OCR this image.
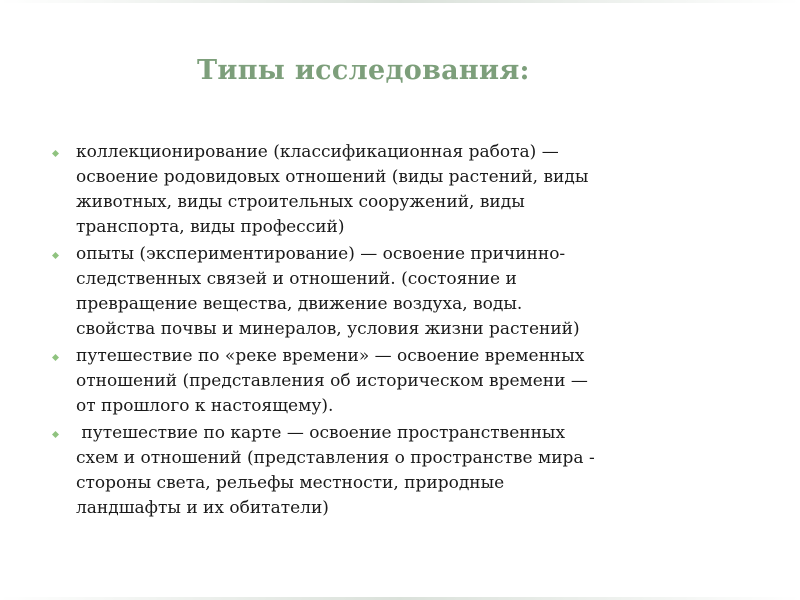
Типы исследования:
коллекционирование (классификационная работа) —
освоение родовидовых отношений (виды растений, виды
животных, виды строительных сооружений, виды
транспорта, виды профессий)
опыты (экспериментирование) — освоение причинно-
следственных связей и отношений. (состояние и
превращение вещества, движение воздуха, воды.
свойства почвы и минералов, условия жизни растений)
путешествие по «реке времени» — освоение временных
отношений (представления об историческом времени —
от прошлого к настоящему).
путешествие по карте — освоение пространственных
схем и отношений (представления о пространстве мира -
стороны света, рельефы местности, природные
ландшафты и их обитатели)
